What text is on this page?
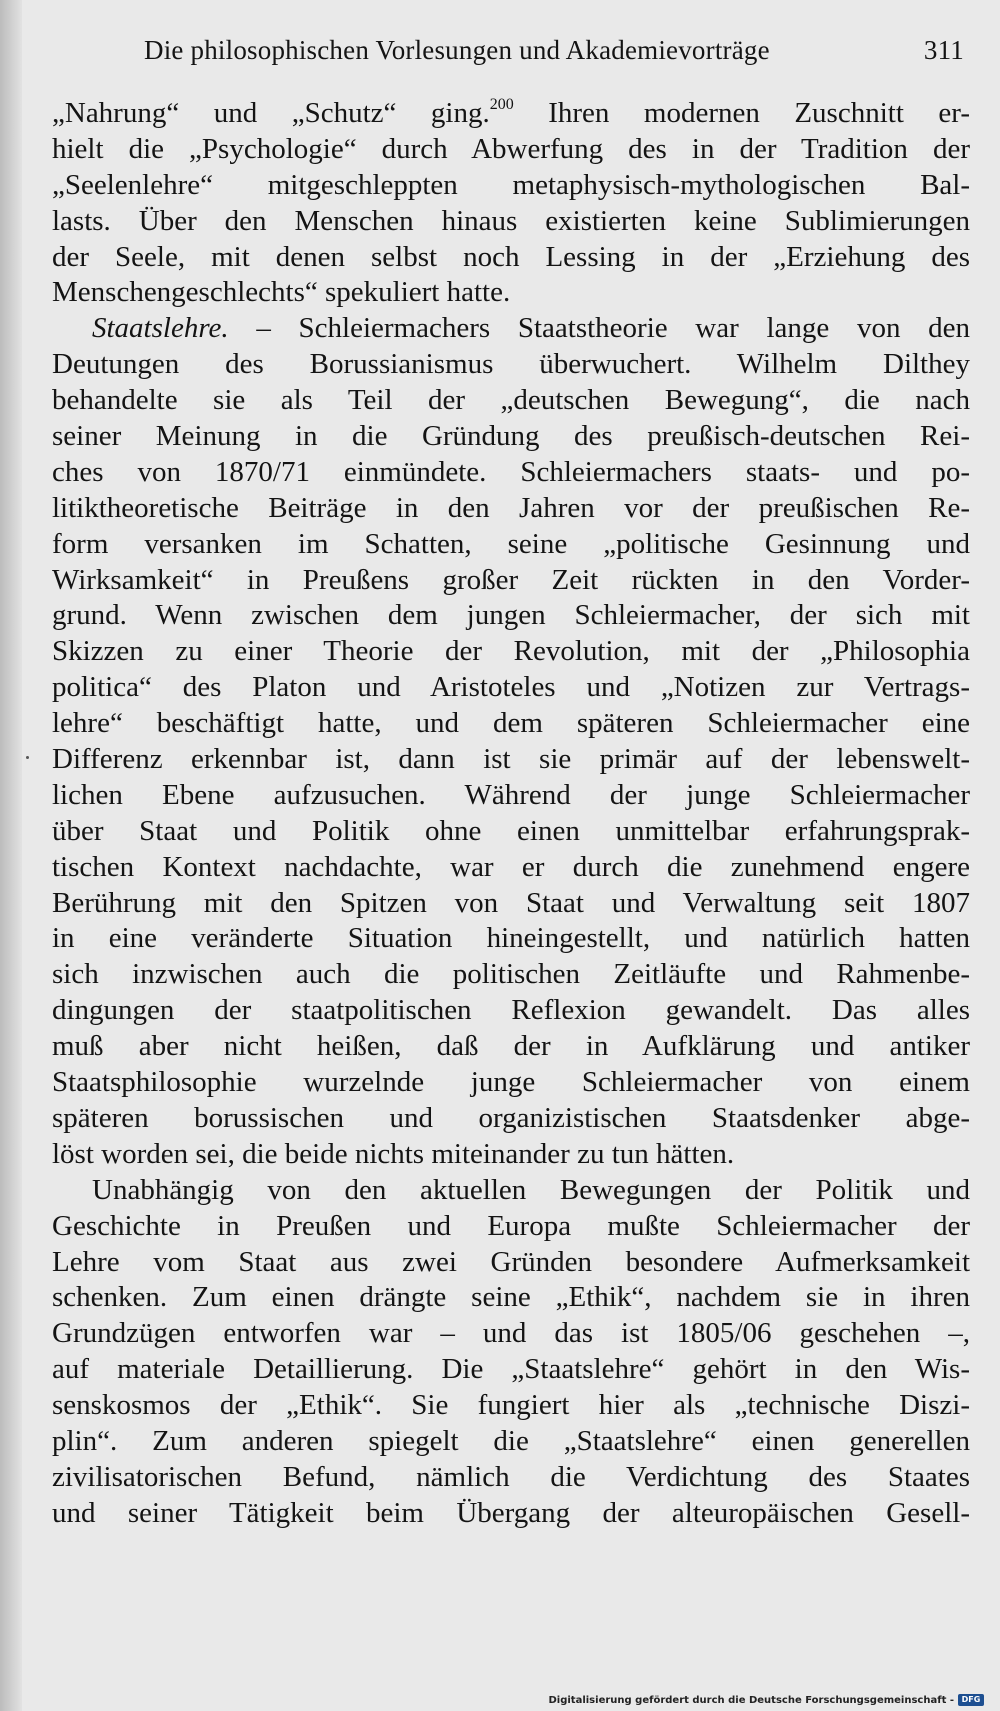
Die philosophischen Vorlesungen und Akademievorträge	311
„Nahrung“ und „Schutz“ ging.$^{200}$ Ihren modernen Zuschnitt er-
hielt die „Psychologie“ durch Abwerfung des in der Tradition der
„Seelenlehre“ mitgeschleppten metaphysisch-mythologischen Bal-
lasts. Über den Menschen hinaus existierten keine Sublimierungen
der Seele, mit denen selbst noch Lessing in der „Erziehung des
Menschengeschlechts“ spekuliert hatte.
Staatslehre. – Schleiermachers Staatstheorie war lange von den
Deutungen des Borussianismus überwuchert. Wilhelm Dilthey
behandelte sie als Teil der „deutschen Bewegung“, die nach
seiner Meinung in die Gründung des preußisch-deutschen Rei-
ches von 1870/71 einmündete. Schleiermachers staats- und po-
litiktheoretische Beiträge in den Jahren vor der preußischen Re-
form versanken im Schatten, seine „politische Gesinnung und
Wirksamkeit“ in Preußens großer Zeit rückten in den Vorder-
grund. Wenn zwischen dem jungen Schleiermacher, der sich mit
Skizzen zu einer Theorie der Revolution, mit der „Philosophia
politica“ des Platon und Aristoteles und „Notizen zur Vertrags-
lehre“ beschäftigt hatte, und dem späteren Schleiermacher eine
Differenz erkennbar ist, dann ist sie primär auf der lebenswelt-
lichen Ebene aufzusuchen. Während der junge Schleiermacher
über Staat und Politik ohne einen unmittelbar erfahrungsprak-
tischen Kontext nachdachte, war er durch die zunehmend engere
Berührung mit den Spitzen von Staat und Verwaltung seit 1807
in eine veränderte Situation hineingestellt, und natürlich hatten
sich inzwischen auch die politischen Zeitläufte und Rahmenbe-
dingungen der staatpolitischen Reflexion gewandelt. Das alles
muß aber nicht heißen, daß der in Aufklärung und antiker
Staatsphilosophie wurzelnde junge Schleiermacher von einem
späteren borussischen und organizistischen Staatsdenker abge-
löst worden sei, die beide nichts miteinander zu tun hätten.
Unabhängig von den aktuellen Bewegungen der Politik und
Geschichte in Preußen und Europa mußte Schleiermacher der
Lehre vom Staat aus zwei Gründen besondere Aufmerksamkeit
schenken. Zum einen drängte seine „Ethik“, nachdem sie in ihren
Grundzügen entworfen war – und das ist 1805/06 geschehen –,
auf materiale Detaillierung. Die „Staatslehre“ gehört in den Wis-
senskosmos der „Ethik“. Sie fungiert hier als „technische Diszi-
plin“. Zum anderen spiegelt die „Staatslehre“ einen generellen
zivilisatorischen Befund, nämlich die Verdichtung des Staates
und seiner Tätigkeit beim Übergang der alteuropäischen Gesell-
Digitalisierung gefördert durch die Deutsche Forschungsgemeinschaft - DFG
